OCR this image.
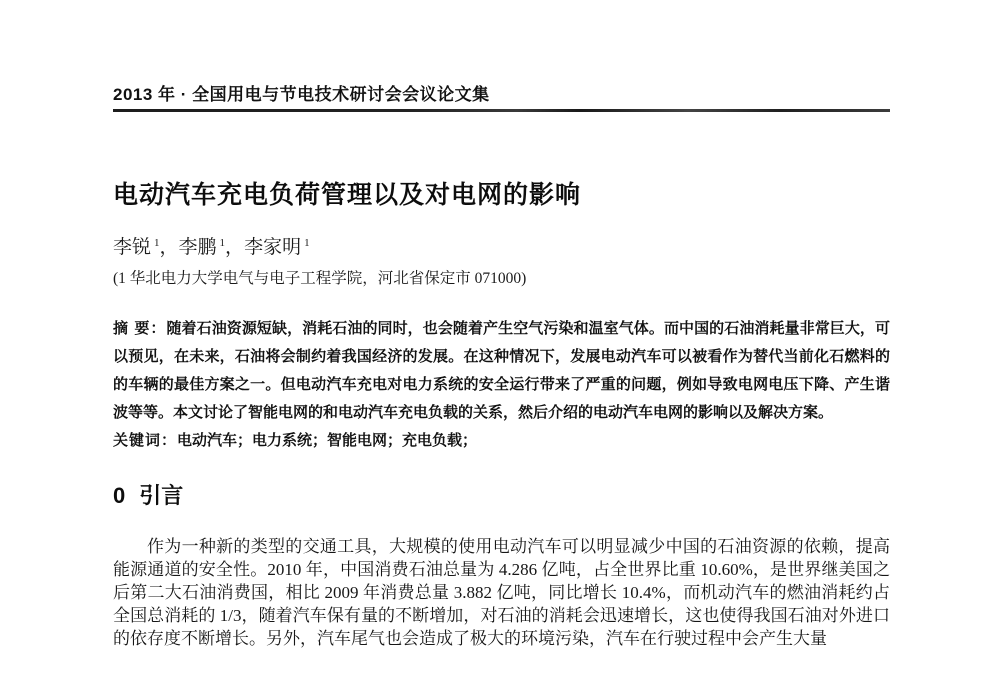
2013 年 · 全国用电与节电技术研讨会会议论文集
电动汽车充电负荷管理以及对电网的影响
李锐 $^1$，李鹏 $^1$，李家明 $^1$
(1 华北电力大学电气与电子工程学院，河北省保定市 071000)

摘 要：随着石油资源短缺，消耗石油的同时，也会随着产生空气污染和温室气体。而中国的石油消耗量非常巨大，可以预见，在未来，石油将会制约着我国经济的发展。在这种情况下，发展电动汽车可以被看作为替代当前化石燃料的的车辆的最佳方案之一。但电动汽车充电对电力系统的安全运行带来了严重的问题，例如导致电网电压下降、产生谐波等等。本文讨论了智能电网的和电动汽车充电负载的关系，然后介绍的电动汽车电网的影响以及解决方案。

关键词：电动汽车；电力系统；智能电网；充电负载；

0 引言

作为一种新的类型的交通工具，大规模的使用电动汽车可以明显减少中国的石油资源的依赖，提高能源通道的安全性。2010 年，中国消费石油总量为 4.286 亿吨，占全世界比重 10.60%，是世界继美国之后第二大石油消费国，相比 2009 年消费总量 3.882 亿吨，同比增长 10.4%，而机动汽车的燃油消耗约占全国总消耗的 1/3，随着汽车保有量的不断增加，对石油的消耗会迅速增长，这也使得我国石油对外进口的依存度不断增长。另外，汽车尾气也会造成了极大的环境污染，汽车在行驶过程中会产生大量
